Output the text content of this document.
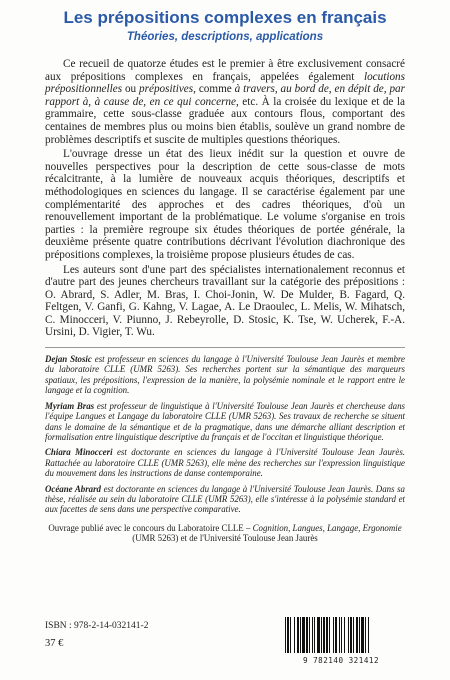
Les prépositions complexes en français
Théories, descriptions, applications

Ce recueil de quatorze études est le premier à être exclusivement consacré aux prépositions complexes en français, appelées également locutions prépositionnelles ou prépositives, comme à travers, au bord de, en dépit de, par rapport à, à cause de, en ce qui concerne, etc. À la croisée du lexique et de la grammaire, cette sous-classe graduée aux contours flous, comportant des centaines de membres plus ou moins bien établis, soulève un grand nombre de problèmes descriptifs et suscite de multiples questions théoriques.

L'ouvrage dresse un état des lieux inédit sur la question et ouvre de nouvelles perspectives pour la description de cette sous-classe de mots récalcitrante, à la lumière de nouveaux acquis théoriques, descriptifs et méthodologiques en sciences du langage. Il se caractérise également par une complémentarité des approches et des cadres théoriques, d'où un renouvellement important de la problématique. Le volume s'organise en trois parties : la première regroupe six études théoriques de portée générale, la deuxième présente quatre contributions décrivant l'évolution diachronique des prépositions complexes, la troisième propose plusieurs études de cas.

Les auteurs sont d'une part des spécialistes internationalement reconnus et d'autre part des jeunes chercheurs travaillant sur la catégorie des prépositions : O. Abrard, S. Adler, M. Bras, I. Choi-Jonin, W. De Mulder, B. Fagard, Q. Feltgen, V. Ganfi, G. Kahng, V. Lagae, A. Le Draoulec, L. Melis, W. Mihatsch, C. Minocceri, V. Piunno, J. Rebeyrolle, D. Stosic, K. Tse, W. Ucherek, F.-A. Ursini, D. Vigier, T. Wu.

Dejan Stosic est professeur en sciences du langage à l'Université Toulouse Jean Jaurès et membre du laboratoire CLLE (UMR 5263). Ses recherches portent sur la sémantique des marqueurs spatiaux, les prépositions, l'expression de la manière, la polysémie nominale et le rapport entre le langage et la cognition.

Myriam Bras est professeur de linguistique à l'Université Toulouse Jean Jaurès et chercheuse dans l'équipe Langues et Langage du laboratoire CLLE (UMR 5263). Ses travaux de recherche se situent dans le domaine de la sémantique et de la pragmatique, dans une démarche alliant description et formalisation entre linguistique descriptive du français et de l'occitan et linguistique théorique.

Chiara Minocceri est doctorante en sciences du langage à l'Université Toulouse Jean Jaurès. Rattachée au laboratoire CLLE (UMR 5263), elle mène des recherches sur l'expression linguistique du mouvement dans les instructions de danse contemporaine.

Océane Abrard est doctorante en sciences du langage à l'Université Toulouse Jean Jaurès. Dans sa thèse, réalisée au sein du laboratoire CLLE (UMR 5263), elle s'intéresse à la polysémie standard et aux facettes de sens dans une perspective comparative.

Ouvrage publié avec le concours du Laboratoire CLLE – Cognition, Langues, Langage, Ergonomie (UMR 5263) et de l'Université Toulouse Jean Jaurès
ISBN : 978-2-14-032141-2
37 €
9 782140 321412
